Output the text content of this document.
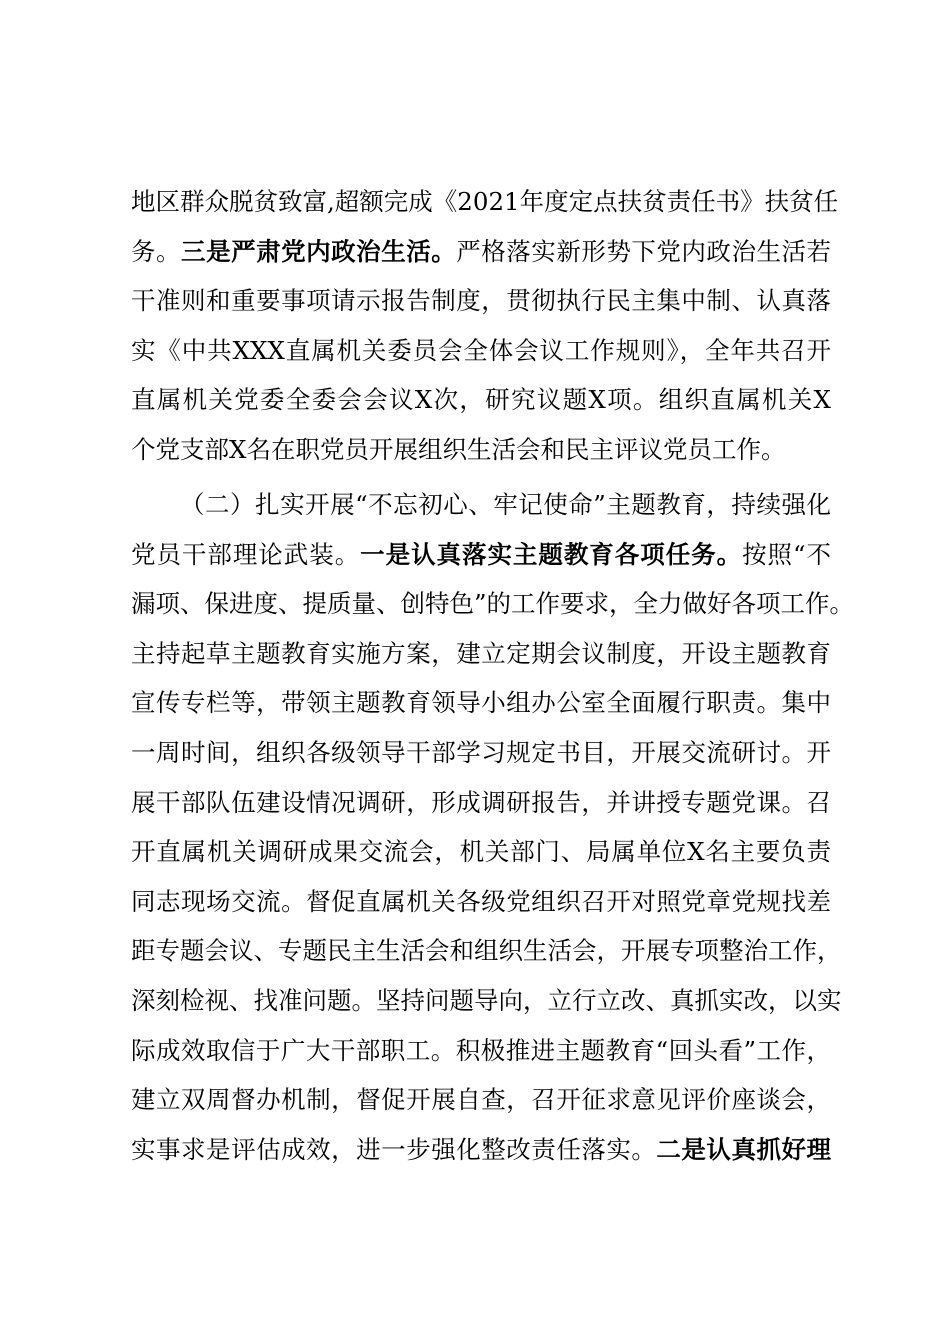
地区群众脱贫致富,超额完成《2021年度定点扶贫责任书》扶贫任
务。三是严肃党内政治生活。严格落实新形势下党内政治生活若
干准则和重要事项请示报告制度，贯彻执行民主集中制、认真落
实《中共XXX直属机关委员会全体会议工作规则》，全年共召开
直属机关党委全委会会议X次，研究议题X项。组织直属机关X
个党支部X名在职党员开展组织生活会和民主评议党员工作。
（二）扎实开展“不忘初心、牢记使命”主题教育，持续强化
党员干部理论武装。一是认真落实主题教育各项任务。按照“不
漏项、保进度、提质量、创特色”的工作要求，全力做好各项工作。
主持起草主题教育实施方案，建立定期会议制度，开设主题教育
宣传专栏等，带领主题教育领导小组办公室全面履行职责。集中
一周时间，组织各级领导干部学习规定书目，开展交流研讨。开
展干部队伍建设情况调研，形成调研报告，并讲授专题党课。召
开直属机关调研成果交流会，机关部门、局属单位X名主要负责
同志现场交流。督促直属机关各级党组织召开对照党章党规找差
距专题会议、专题民主生活会和组织生活会，开展专项整治工作，
深刻检视、找准问题。坚持问题导向，立行立改、真抓实改，以实
际成效取信于广大干部职工。积极推进主题教育“回头看”工作，
建立双周督办机制，督促开展自查，召开征求意见评价座谈会，
实事求是评估成效，进一步强化整改责任落实。二是认真抓好理
